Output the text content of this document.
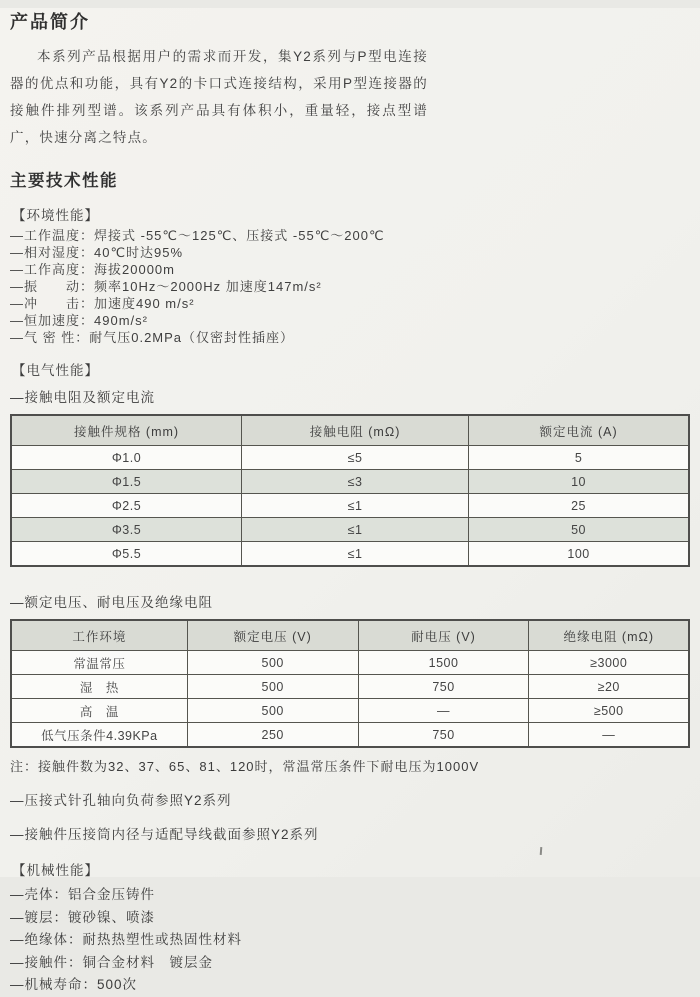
产品简介
本系列产品根据用户的需求而开发，集Y2系列与P型电连接器的优点和功能，具有Y2的卡口式连接结构，采用P型连接器的接触件排列型谱。该系列产品具有体积小，重量轻，接点型谱广，快速分离之特点。
主要技术性能
【环境性能】
—工作温度：焊接式 -55℃～125℃、压接式 -55℃～200℃
—相对湿度：40℃时达95%
—工作高度：海拔20000m
—振　　动：频率10Hz～2000Hz 加速度147m/s²
—冲　　击：加速度490 m/s²
—恒加速度：490m/s²
—气 密 性：耐气压0.2MPa（仅密封性插座）
【电气性能】
—接触电阻及额定电流
接触件规格 (mm)	接触电阻 (mΩ)	额定电流 (A)
Φ1.0	≤5	5
Φ1.5	≤3	10
Φ2.5	≤1	25
Φ3.5	≤1	50
Φ5.5	≤1	100
—额定电压、耐电压及绝缘电阻
工作环境	额定电压 (V)	耐电压 (V)	绝缘电阻 (mΩ)
常温常压	500	1500	≥3000
湿　热	500	750	≥20
高　温	500	—	≥500
低气压条件4.39KPa	250	750	—
注：接触件数为32、37、65、81、120时，常温常压条件下耐电压为1000V
—压接式针孔轴向负荷参照Y2系列
—接触件压接筒内径与适配导线截面参照Y2系列
【机械性能】
—壳体：铝合金压铸件
—镀层：镀砂镍、喷漆
—绝缘体：耐热热塑性或热固性材料
—接触件：铜合金材料　镀层金
—机械寿命：500次
